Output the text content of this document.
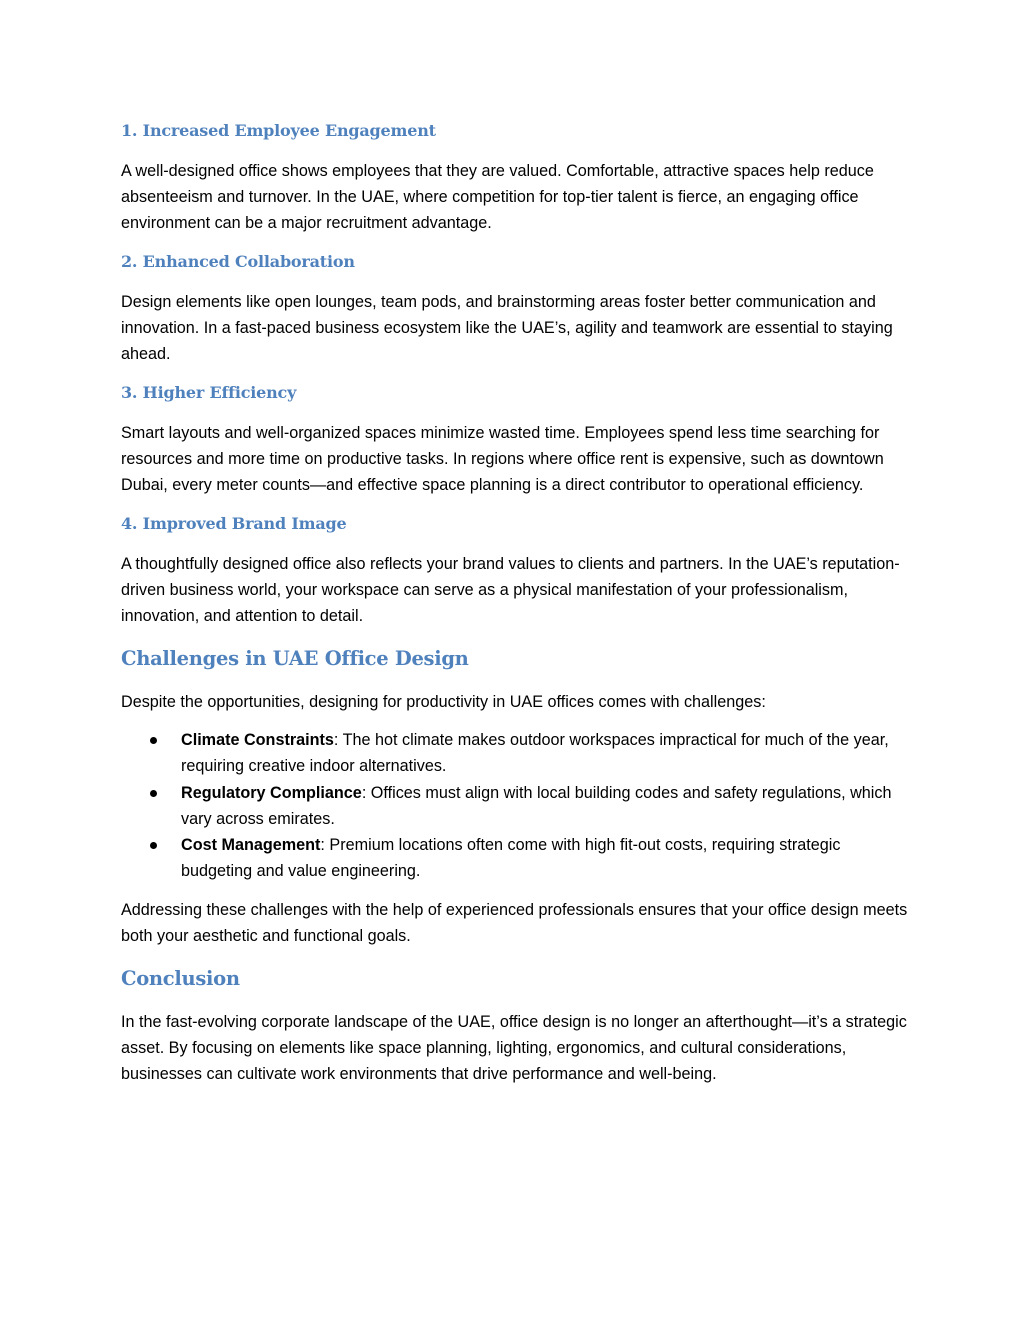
1. Increased Employee Engagement

A well-designed office shows employees that they are valued. Comfortable, attractive spaces help reduce absenteeism and turnover. In the UAE, where competition for top-tier talent is fierce, an engaging office environment can be a major recruitment advantage.

2. Enhanced Collaboration

Design elements like open lounges, team pods, and brainstorming areas foster better communication and innovation. In a fast-paced business ecosystem like the UAE’s, agility and teamwork are essential to staying ahead.

3. Higher Efficiency

Smart layouts and well-organized spaces minimize wasted time. Employees spend less time searching for resources and more time on productive tasks. In regions where office rent is expensive, such as downtown Dubai, every meter counts—and effective space planning is a direct contributor to operational efficiency.

4. Improved Brand Image

A thoughtfully designed office also reflects your brand values to clients and partners. In the UAE’s reputation-driven business world, your workspace can serve as a physical manifestation of your professionalism, innovation, and attention to detail.

Challenges in UAE Office Design

Despite the opportunities, designing for productivity in UAE offices comes with challenges:

Climate Constraints: The hot climate makes outdoor workspaces impractical for much of the year, requiring creative indoor alternatives.
Regulatory Compliance: Offices must align with local building codes and safety regulations, which vary across emirates.
Cost Management: Premium locations often come with high fit-out costs, requiring strategic budgeting and value engineering.

Addressing these challenges with the help of experienced professionals ensures that your office design meets both your aesthetic and functional goals.

Conclusion

In the fast-evolving corporate landscape of the UAE, office design is no longer an afterthought—it’s a strategic asset. By focusing on elements like space planning, lighting, ergonomics, and cultural considerations, businesses can cultivate work environments that drive performance and well-being.
